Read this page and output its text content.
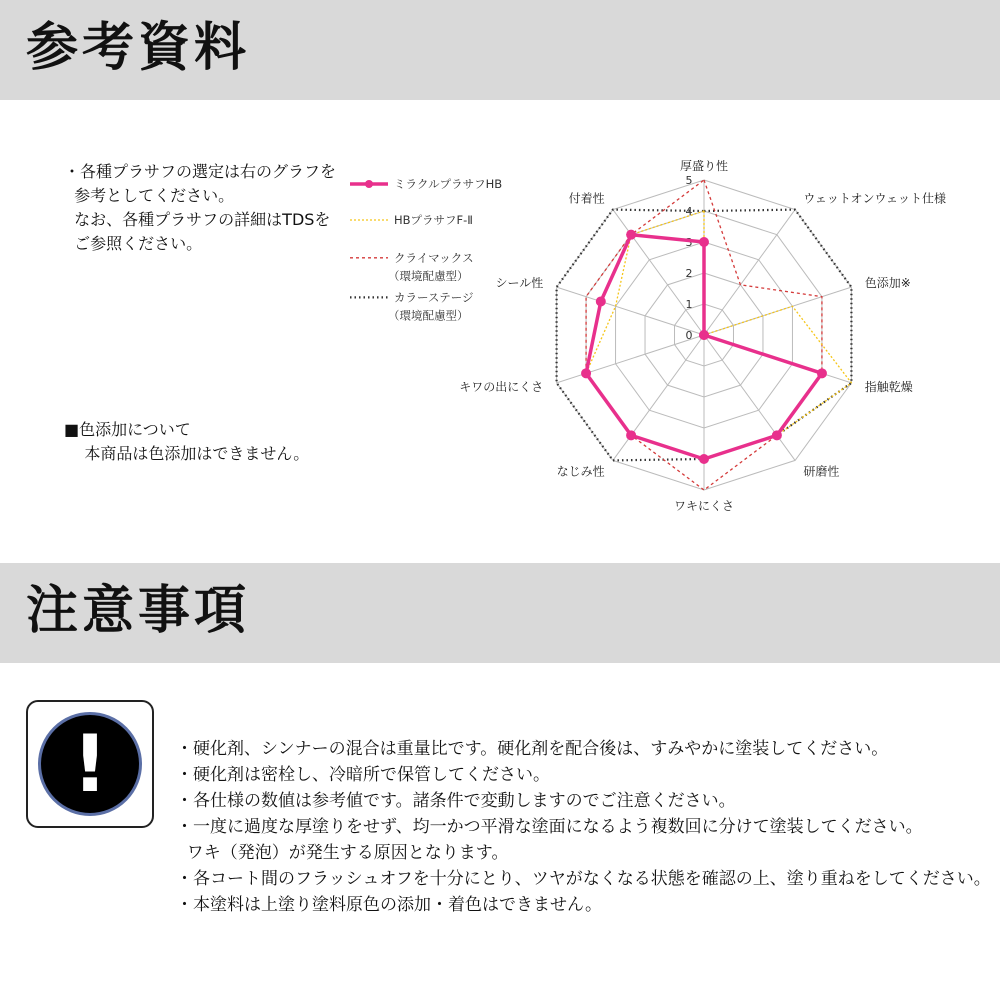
参考資料
・各種プラサフの選定は右のグラフを
参考としてください。
なお、各種プラサフの詳細はTDSを
ご参照ください。
■色添加について
本商品は色添加はできません。
ミラクルプラサフHB
HBプラサフF-Ⅱ
クライマックス
（環境配慮型）
カラーステージ
（環境配慮型）
0
1
2
3
4
5
厚盛り性
ウェットオンウェット仕様
色添加※
指触乾燥
研磨性
ワキにくさ
なじみ性
キワの出にくさ
シール性
付着性
注意事項
!	・硬化剤、シンナーの混合は重量比です。硬化剤を配合後は、すみやかに塗装してください。
・硬化剤は密栓し、冷暗所で保管してください。
・各仕様の数値は参考値です。諸条件で変動しますのでご注意ください。
・一度に過度な厚塗りをせず、均一かつ平滑な塗面になるよう複数回に分けて塗装してください。
ワキ（発泡）が発生する原因となります。
・各コート間のフラッシュオフを十分にとり、ツヤがなくなる状態を確認の上、塗り重ねをしてください。
・本塗料は上塗り塗料原色の添加・着色はできません。
